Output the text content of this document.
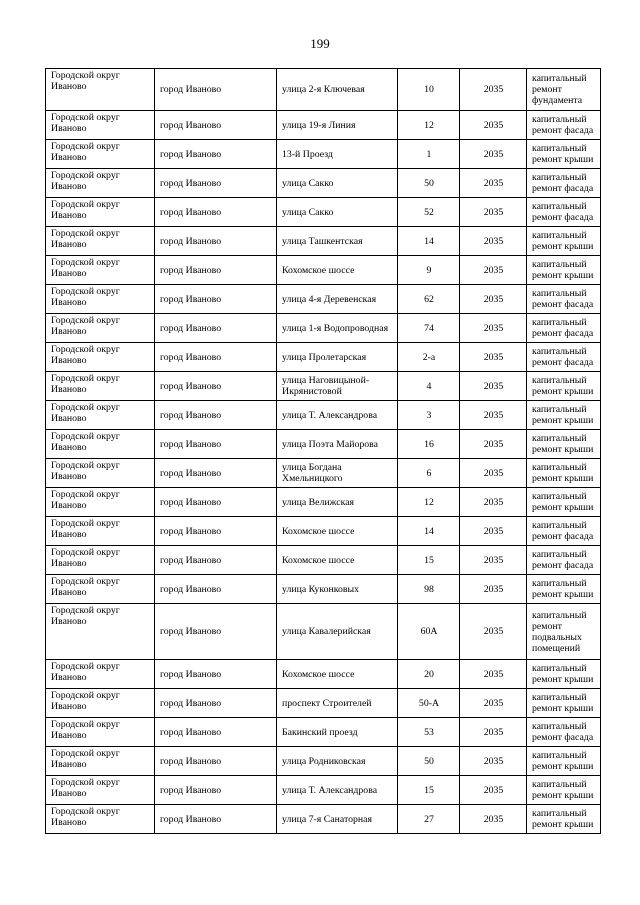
199
Городской округ Иваново	город Иваново	улица 2-я Ключевая	10	2035	капитальный ремонт фундамента
Городской округ Иваново	город Иваново	улица 19-я Линия	12	2035	капитальный ремонт фасада
Городской округ Иваново	город Иваново	13-й Проезд	1	2035	капитальный ремонт крыши
Городской округ Иваново	город Иваново	улица Сакко	50	2035	капитальный ремонт фасада
Городской округ Иваново	город Иваново	улица Сакко	52	2035	капитальный ремонт фасада
Городской округ Иваново	город Иваново	улица Ташкентская	14	2035	капитальный ремонт крыши
Городской округ Иваново	город Иваново	Кохомское шоссе	9	2035	капитальный ремонт крыши
Городской округ Иваново	город Иваново	улица 4-я Деревенская	62	2035	капитальный ремонт фасада
Городской округ Иваново	город Иваново	улица 1-я Водопроводная	74	2035	капитальный ремонт фасада
Городской округ Иваново	город Иваново	улица Пролетарская	2-а	2035	капитальный ремонт фасада
Городской округ Иваново	город Иваново	улица Наговицыной-Икрянистовой	4	2035	капитальный ремонт крыши
Городской округ Иваново	город Иваново	улица Т. Александрова	3	2035	капитальный ремонт крыши
Городской округ Иваново	город Иваново	улица Поэта Майорова	16	2035	капитальный ремонт крыши
Городской округ Иваново	город Иваново	улица Богдана Хмельницкого	6	2035	капитальный ремонт крыши
Городской округ Иваново	город Иваново	улица Велижская	12	2035	капитальный ремонт крыши
Городской округ Иваново	город Иваново	Кохомское шоссе	14	2035	капитальный ремонт фасада
Городской округ Иваново	город Иваново	Кохомское шоссе	15	2035	капитальный ремонт фасада
Городской округ Иваново	город Иваново	улица Куконковых	98	2035	капитальный ремонт крыши
Городской округ Иваново	город Иваново	улица Кавалерийская	60А	2035	капитальный ремонт подвальных помещений
Городской округ Иваново	город Иваново	Кохомское шоссе	20	2035	капитальный ремонт крыши
Городской округ Иваново	город Иваново	проспект Строителей	50-А	2035	капитальный ремонт крыши
Городской округ Иваново	город Иваново	Бакинский проезд	53	2035	капитальный ремонт фасада
Городской округ Иваново	город Иваново	улица Родниковская	50	2035	капитальный ремонт крыши
Городской округ Иваново	город Иваново	улица Т. Александрова	15	2035	капитальный ремонт крыши
Городской округ Иваново	город Иваново	улица 7-я Санаторная	27	2035	капитальный ремонт крыши
